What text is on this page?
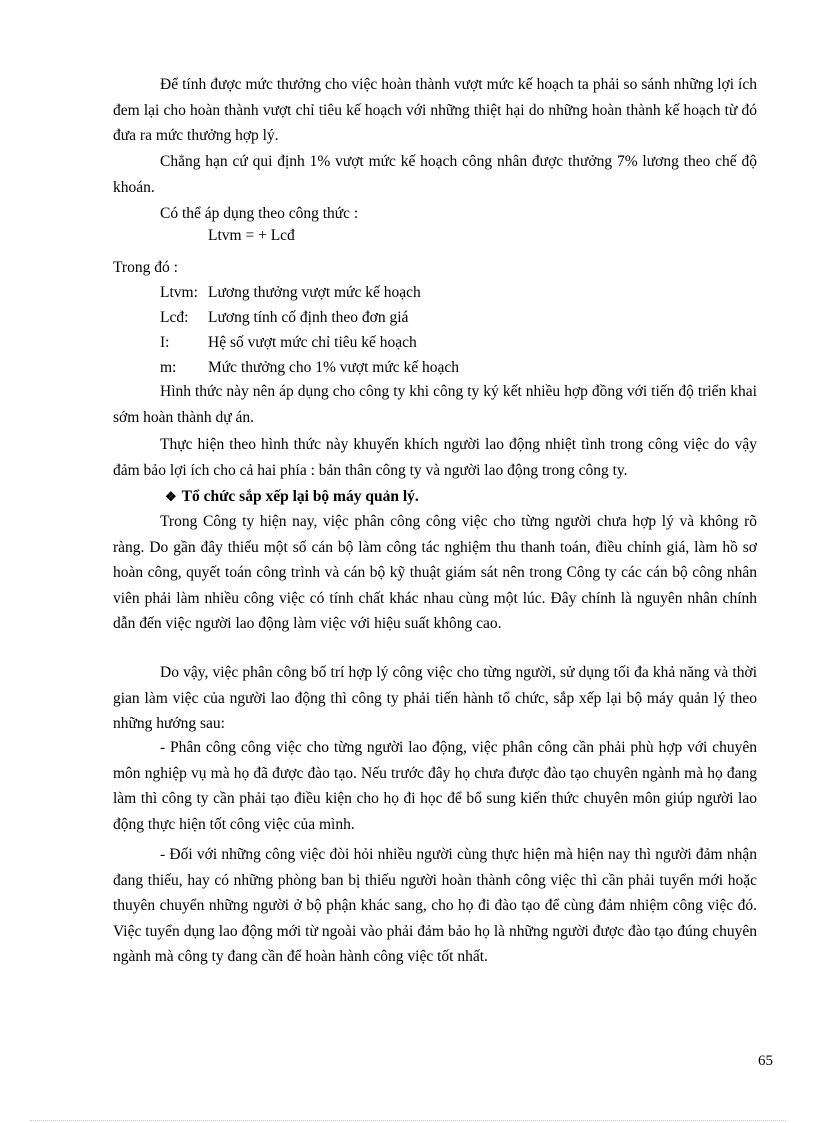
Để tính được mức thưởng cho việc hoàn thành vượt mức kế hoạch ta phải so sánh những lợi ích đem lại cho hoàn thành vượt chỉ tiêu kế hoạch với những thiệt hại do những hoàn thành kế hoạch từ đó đưa ra mức thưởng hợp lý.
Chẳng hạn cứ qui định 1% vượt mức kế hoạch công nhân được thưởng 7% lương theo chế độ khoán.
Có thể áp dụng theo công thức :
Ltvm = + Lcđ
Trong đó :
Ltvm: Lương thưởng vượt mức kế hoạch
Lcđ:	Lương tính cố định theo đơn giá
I:	Hệ số vượt mức chỉ tiêu kế hoạch
m:	Mức thưởng cho 1% vượt mức kế hoạch
Hình thức này nên áp dụng cho công ty khi công ty ký kết nhiều hợp đồng với tiến độ triển khai sớm hoàn thành dự án.
Thực hiện theo hình thức này khuyến khích người lao động nhiệt tình trong công việc do vậy đảm bảo lợi ích cho cả hai phía : bản thân công ty và người lao động trong công ty.
❖ Tổ chức sắp xếp lại bộ máy quản lý.
Trong Công ty hiện nay, việc phân công công việc cho từng người chưa hợp lý và không rõ ràng. Do gần đây thiếu một số cán bộ làm công tác nghiệm thu thanh toán, điều chỉnh giá, làm hồ sơ hoàn công, quyết toán công trình và cán bộ kỹ thuật giám sát nên trong Công ty các cán bộ công nhân viên phải làm nhiều công việc có tính chất khác nhau cùng một lúc. Đây chính là nguyên nhân chính dẫn đến việc người lao động làm việc với hiệu suất không cao.
Do vậy, việc phân công bố trí hợp lý công việc cho từng người, sử dụng tối đa khả năng và thời gian làm việc của người lao động thì công ty phải tiến hành tổ chức, sắp xếp lại bộ máy quản lý theo những hướng sau:
- Phân công công việc cho từng người lao động, việc phân công cần phải phù hợp với chuyên môn nghiệp vụ mà họ đã được đào tạo. Nếu trước đây họ chưa được đào tạo chuyên ngành mà họ đang làm thì công ty cần phải tạo điều kiện cho họ đi học để bổ sung kiến thức chuyên môn giúp người lao động thực hiện tốt công việc của mình.
- Đối với những công việc đòi hỏi nhiều người cùng thực hiện mà hiện nay thì người đảm nhận đang thiếu, hay có những phòng ban bị thiếu người hoàn thành công việc thì cần phải tuyển mới hoặc thuyên chuyển những người ở bộ phận khác sang, cho họ đi đào tạo để cùng đảm nhiệm công việc đó. Việc tuyển dụng lao động mới từ ngoài vào phải đảm bảo họ là những người được đào tạo đúng chuyên ngành mà công ty đang cần để hoàn hành công việc tốt nhất.
65
